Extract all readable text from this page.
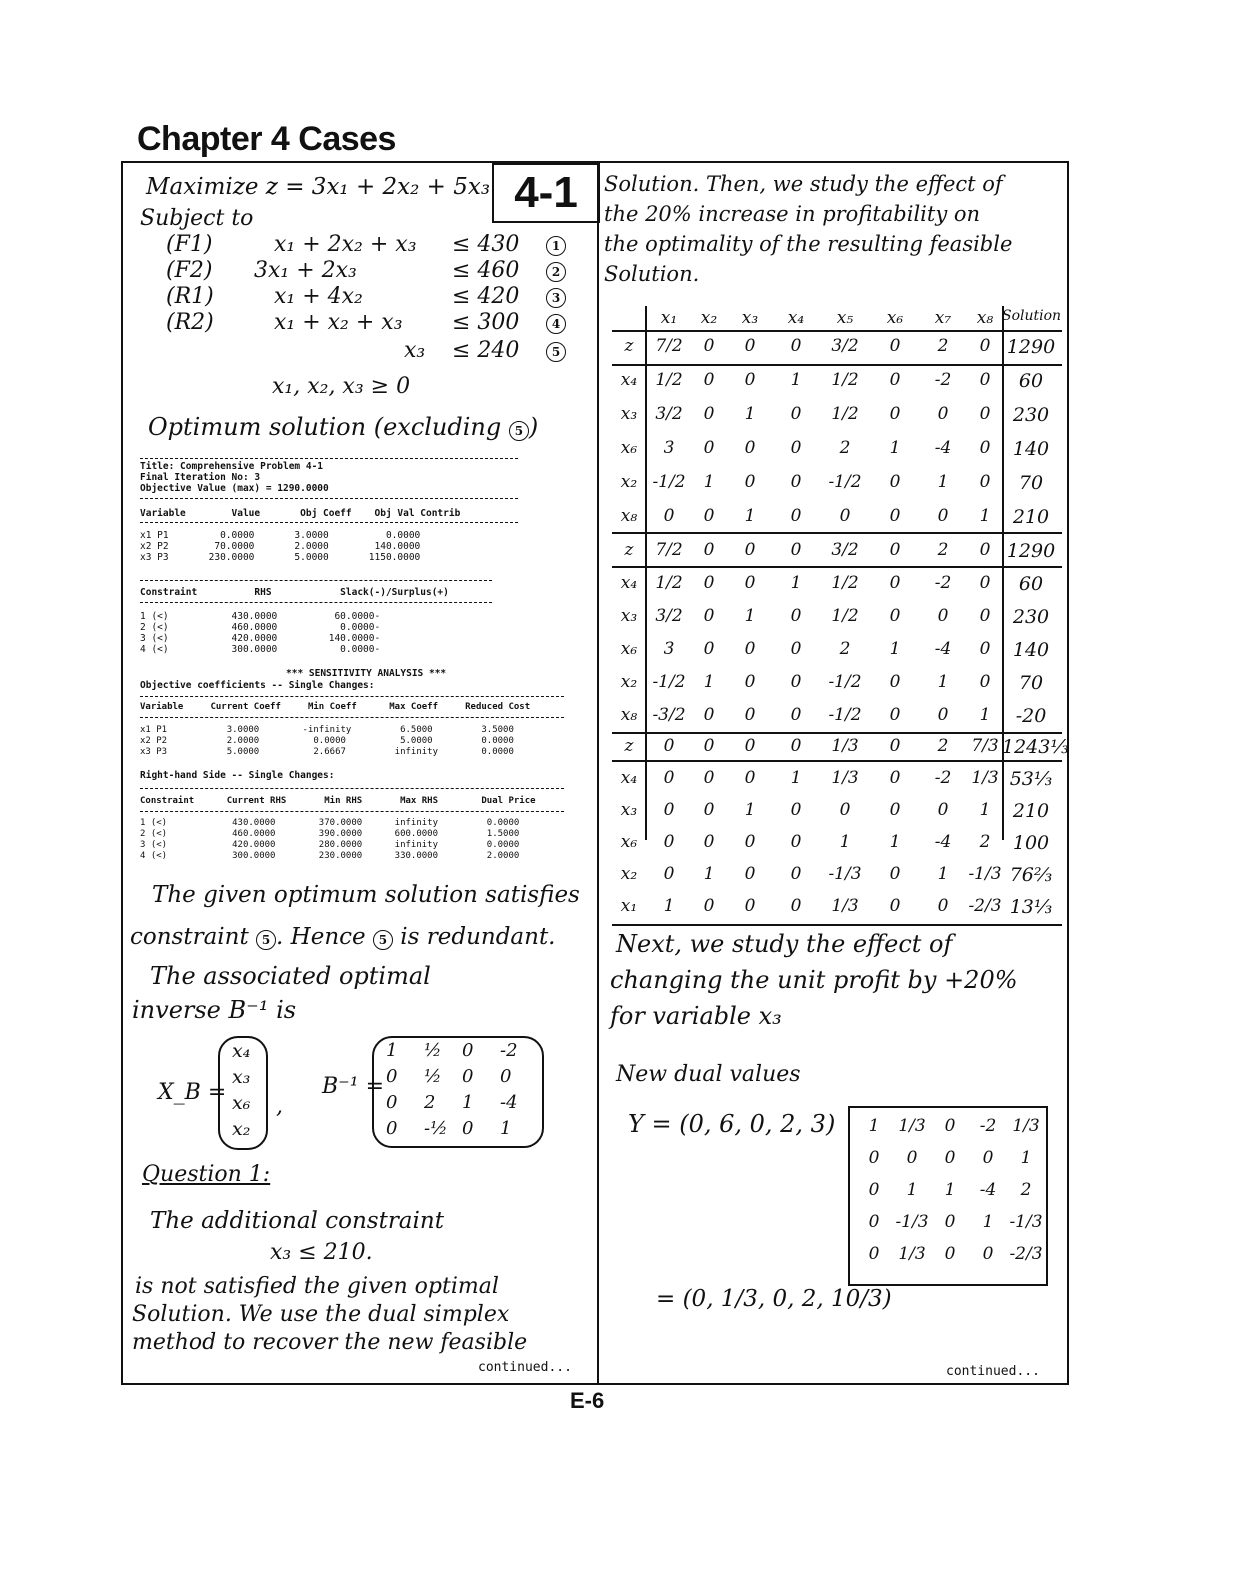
Chapter 4 Cases
4-1
Maximize z = 3x₁ + 2x₂ + 5x₃
Subject to
x₁, x₂, x₃ ≥ 0
Optimum solution (excluding 5 )
Title: Comprehensive Problem 4-1
Final Iteration No: 3
Objective Value (max) = 1290.0000
Variable        Value       Obj Coeff    Obj Val Contrib
Constraint          RHS            Slack(-)/Surplus(+)
*** SENSITIVITY ANALYSIS ***
Objective coefficients -- Single Changes:
Variable     Current Coeff     Min Coeff      Max Coeff     Reduced Cost
Right-hand Side -- Single Changes:
Constraint      Current RHS       Min RHS       Max RHS        Dual Price
The given optimum solution satisfies
constraint 5 . Hence 5 is redundant.
The associated optimal
inverse B⁻¹ is
X_B =
,
B⁻¹ =
Question 1:
The additional constraint
x₃ ≤ 210.
is not satisfied the given optimal
Solution. We use the dual simplex
method to recover the new feasible
continued...
Solution. Then, we study the effect of
the 20% increase in profitability on
the optimality of the resulting feasible
Solution.
Next, we study the effect of
changing the unit profit by +20%
for variable x₃
New dual values
Y = (0, 6, 0, 2, 3)
= (0, 1/3, 0, 2, 10/3)
continued...
E-6
(F1)	x₁ + 2x₂ + x₃ ≤ 430	1
(F2) 3x₁ + 2x₃	≤ 460	2
(R1)	x₁ + 4x₂	≤ 420	3
(R2)	x₁ + x₂ + x₃ ≤ 300	4
x₃ ≤ 240	5
x1 P1         0.0000       3.0000          0.0000
x2 P2        70.0000       2.0000        140.0000
x3 P3       230.0000       5.0000       1150.0000
1 (<)           430.0000          60.0000-
2 (<)           460.0000           0.0000-
3 (<)           420.0000         140.0000-
4 (<)           300.0000           0.0000-
x1 P1           3.0000        -infinity         6.5000         3.5000
x2 P2           2.0000          0.0000          5.0000         0.0000
x3 P3           5.0000          2.6667         infinity        0.0000
1 (<)            430.0000        370.0000      infinity         0.0000
2 (<)            460.0000        390.0000      600.0000         1.5000
3 (<)            420.0000        280.0000      infinity         0.0000
4 (<)            300.0000        230.0000      330.0000         2.0000
x₄
x₃
x₆
x₂
1 ½ 0 -2
0 ½ 0 0
0 2 1 -4
0 -½ 0 1
x₁	x₂	x₃	x₄	x₅	x₆	x₇	x₈ Solution
z	7/2	0	0	0	3/2	0	2	0 1290
x₄	1/2	0	0	1	1/2	0	-2	0	60
x₃	3/2	0	1	0	1/2	0	0	0	230
x₆	3	0	0	0	2	1	-4	0	140
x₂ -1/2	1	0	0	-1/2	0	1	0	70
x₈	0	0	1	0	0	0	0	1	210
z	7/2	0	0	0	3/2	0	2	0 1290
x₄	1/2	0	0	1	1/2	0	-2	0	60
x₃	3/2	0	1	0	1/2	0	0	0	230
x₆	3	0	0	0	2	1	-4	0	140
x₂ -1/2	1	0	0	-1/2	0	1	0	70
x₈ -3/2	0	0	0	-1/2	0	0	1	-20
z	0	0	0	0	1/3	0	2	7/3 1243⅓
x₄	0	0	0	1	1/3	0	-2	1/3 53⅓
x₃	0	0	1	0	0	0	0	1	210
x₆	0	0	0	0	1	1	-4	2	100
x₂	0	1	0	0	-1/3	0	1	-1/3 76⅔
x₁	1	0	0	0	1/3	0	0	-2/3 13⅓
1	1/3	0	-2 1/3
0	0	0	0	1
0	1	1	-4	2
0 -1/3 0	1 -1/3
0	1/3	0	0 -2/3
